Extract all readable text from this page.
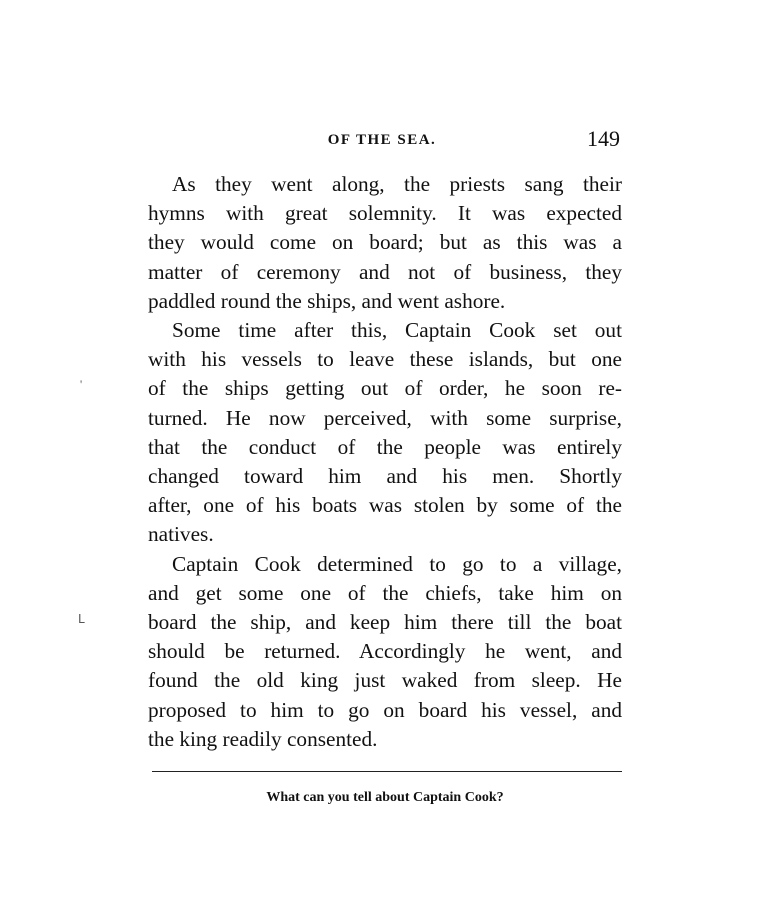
OF THE SEA.	149

As they went along, the priests sang their
hymns with great solemnity. It was expected
they would come on board; but as this was a
matter of ceremony and not of business, they
paddled round the ships, and went ashore.

Some time after this, Captain Cook set out
with his vessels to leave these islands, but one
of the ships getting out of order, he soon re-
turned. He now perceived, with some surprise,
that the conduct of the people was entirely
changed toward him and his men. Shortly
after, one of his boats was stolen by some of the
natives.

Captain Cook determined to go to a village,
and get some one of the chiefs, take him on
board the ship, and keep him there till the boat
should be returned. Accordingly he went, and
found the old king just waked from sleep. He
proposed to him to go on board his vessel, and
the king readily consented.

What can you tell about Captain Cook?
'
ᒪ
